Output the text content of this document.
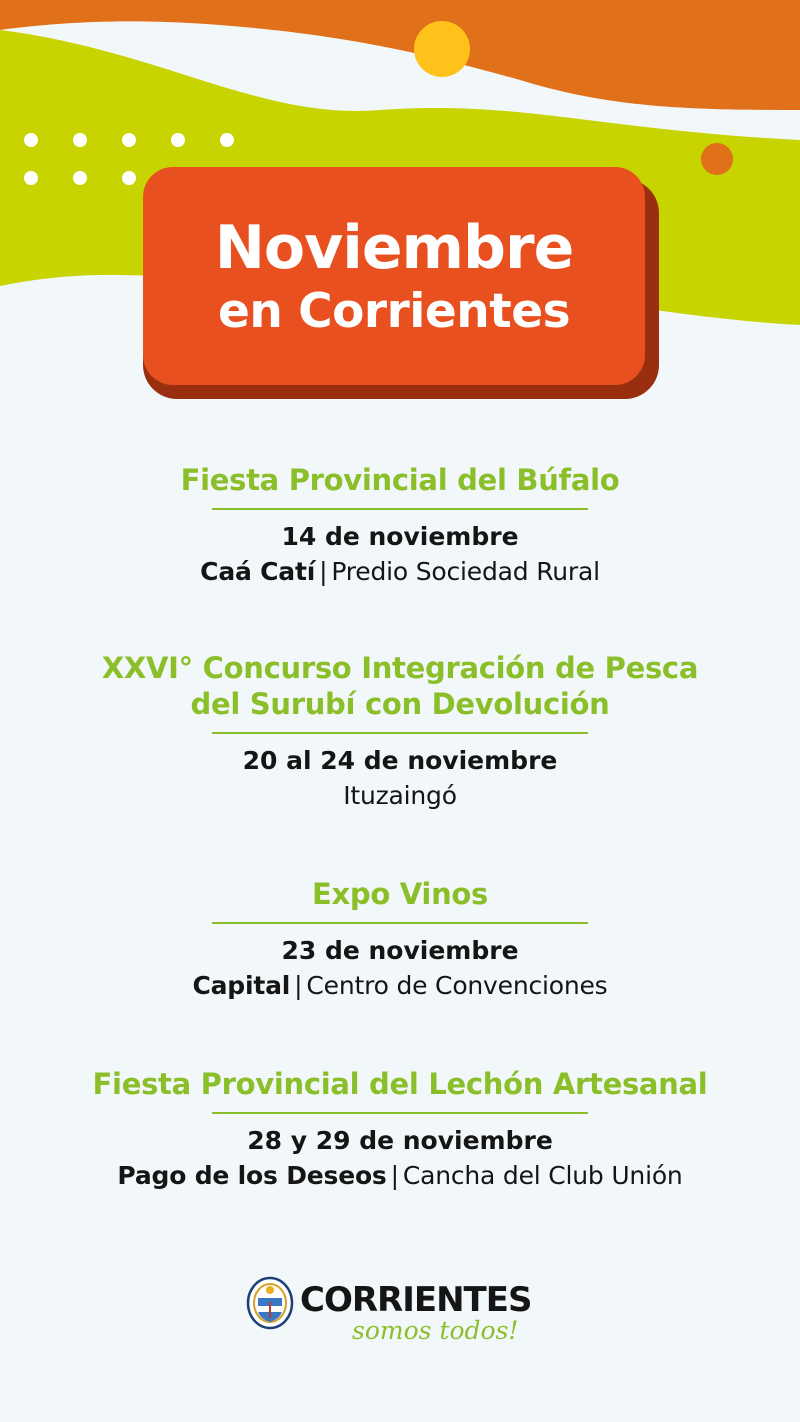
Noviembre
en Corrientes
Fiesta Provincial del Búfalo
14 de noviembre
Caá Catí | Predio Sociedad Rural
XXVI° Concurso Integración de Pesca
del Surubí con Devolución
20 al 24 de noviembre
Ituzaingó
Expo Vinos
23 de noviembre
Capital | Centro de Convenciones
Fiesta Provincial del Lechón Artesanal
28 y 29 de noviembre
Pago de los Deseos | Cancha del Club Unión
CORRIENTES
somos todos!
